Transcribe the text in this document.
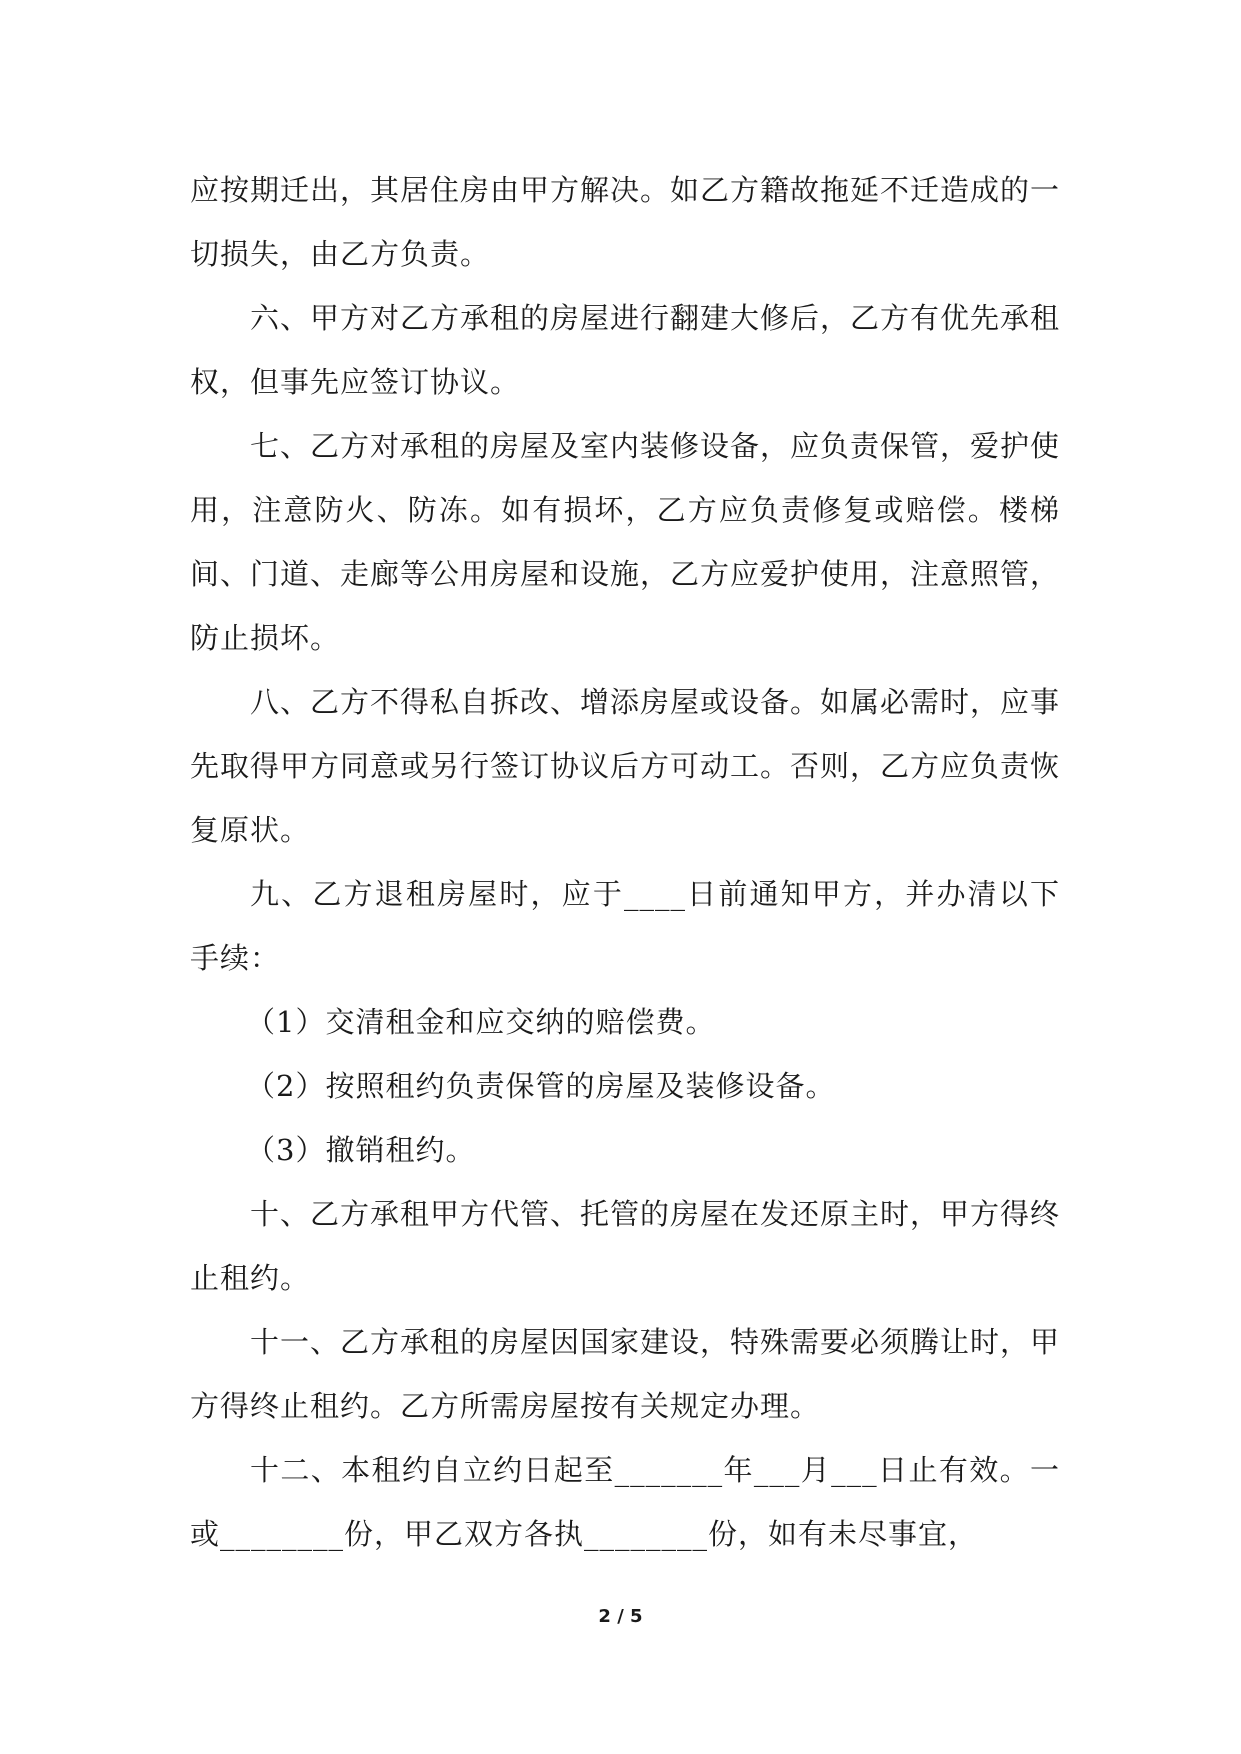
应按期迁出，其居住房由甲方解决。如乙方籍故拖延不迁造成的一切损失，由乙方负责。

六、甲方对乙方承租的房屋进行翻建大修后，乙方有优先承租权，但事先应签订协议。

七、乙方对承租的房屋及室内装修设备，应负责保管，爱护使用，注意防火、防冻。如有损坏，乙方应负责修复或赔偿。楼梯间、门道、走廊等公用房屋和设施，乙方应爱护使用，注意照管，防止损坏。

八、乙方不得私自拆改、增添房屋或设备。如属必需时，应事先取得甲方同意或另行签订协议后方可动工。否则，乙方应负责恢复原状。

九、乙方退租房屋时，应于____日前通知甲方，并办清以下手续：

（1）交清租金和应交纳的赔偿费。

（2）按照租约负责保管的房屋及装修设备。

（3）撤销租约。

十、乙方承租甲方代管、托管的房屋在发还原主时，甲方得终止租约。

十一、乙方承租的房屋因国家建设，特殊需要必须腾让时，甲方得终止租约。乙方所需房屋按有关规定办理。

十二、本租约自立约日起至_______年___月___日止有效。一或________份，甲乙双方各执________份，如有未尽事宜，

2 / 5
